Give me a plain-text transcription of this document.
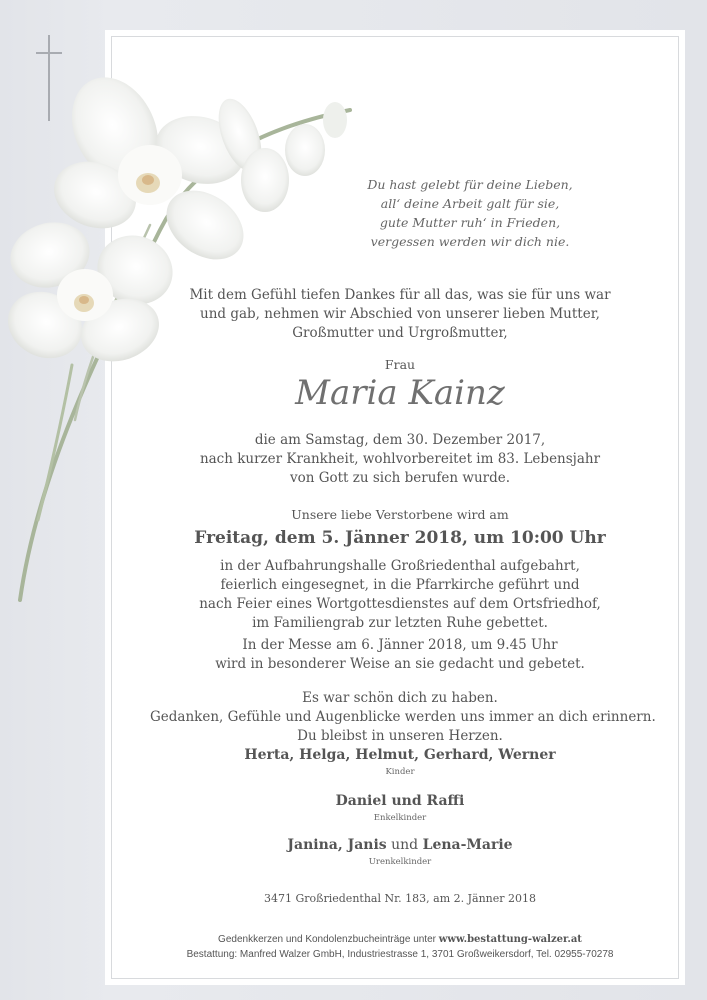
Du hast gelebt für deine Lieben,
all‘ deine Arbeit galt für sie,
gute Mutter ruh‘ in Frieden,
vergessen werden wir dich nie.
Mit dem Gefühl tiefen Dankes für all das, was sie für uns war
und gab, nehmen wir Abschied von unserer lieben Mutter,
Großmutter und Urgroßmutter,
Frau
Maria Kainz
die am Samstag, dem 30. Dezember 2017,
nach kurzer Krankheit, wohlvorbereitet im 83. Lebensjahr
von Gott zu sich berufen wurde.
Unsere liebe Verstorbene wird am
Freitag, dem 5. Jänner 2018, um 10:00 Uhr
in der Aufbahrungshalle Großriedenthal aufgebahrt,
feierlich eingesegnet, in die Pfarrkirche geführt und
nach Feier eines Wortgottesdienstes auf dem Ortsfriedhof,
im Familiengrab zur letzten Ruhe gebettet.
In der Messe am 6. Jänner 2018, um 9.45 Uhr
wird in besonderer Weise an sie gedacht und gebetet.
Es war schön dich zu haben.
Gedanken, Gefühle und Augenblicke werden uns immer an dich erinnern.
Du bleibst in unseren Herzen.
Herta, Helga, Helmut, Gerhard, Werner
Kinder
Daniel und Raffi
Enkelkinder
Janina, Janis und Lena-Marie
Urenkelkinder
3471 Großriedenthal Nr. 183, am 2. Jänner 2018
Gedenkkerzen und Kondolenzbucheinträge unter www.bestattung-walzer.at
Bestattung: Manfred Walzer GmbH, Industriestrasse 1, 3701 Großweikersdorf, Tel. 02955-70278
